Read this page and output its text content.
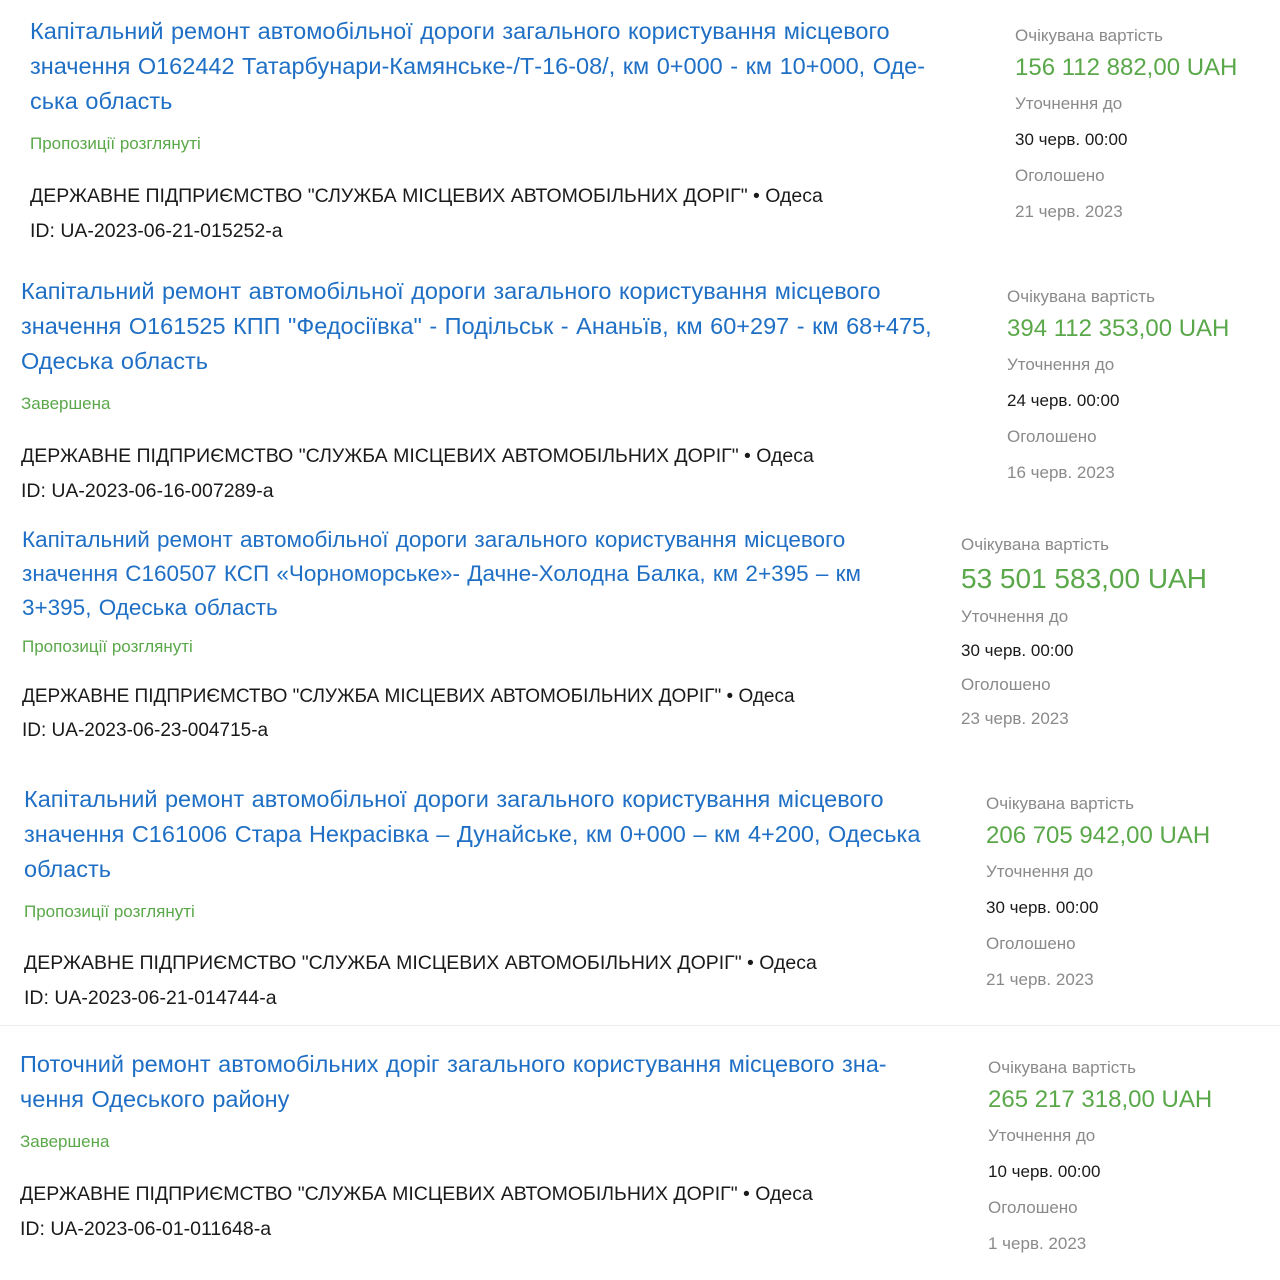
Капітальний ремонт автомобільної дороги загального користування місцевого
значення О162442 Татарбунари-Камянське-/Т-16-08/, км 0+000 - км 10+000, Оде-
ська область
Пропозиції розглянуті
ДЕРЖАВНЕ ПІДПРИЄМСТВО "СЛУЖБА МІСЦЕВИХ АВТОМОБІЛЬНИХ ДОРІГ" • Одеса
ID: UA-2023-06-21-015252-a
Очікувана вартість
156 112 882,00 UAH
Уточнення до
30 черв. 00:00
Оголошено
21 черв. 2023
Капітальний ремонт автомобільної дороги загального користування місцевого
значення О161525 КПП "Федосіївка" - Подільськ - Ананьїв, км 60+297 - км 68+475,
Одеська область
Завершена
ДЕРЖАВНЕ ПІДПРИЄМСТВО "СЛУЖБА МІСЦЕВИХ АВТОМОБІЛЬНИХ ДОРІГ" • Одеса
ID: UA-2023-06-16-007289-a
Очікувана вартість
394 112 353,00 UAH
Уточнення до
24 черв. 00:00
Оголошено
16 черв. 2023
Капітальний ремонт автомобільної дороги загального користування місцевого
значення С160507 КСП «Чорноморське»- Дачне-Холодна Балка, км 2+395 – км
3+395, Одеська область
Пропозиції розглянуті
ДЕРЖАВНЕ ПІДПРИЄМСТВО "СЛУЖБА МІСЦЕВИХ АВТОМОБІЛЬНИХ ДОРІГ" • Одеса
ID: UA-2023-06-23-004715-a
Очікувана вартість
53 501 583,00 UAH
Уточнення до
30 черв. 00:00
Оголошено
23 черв. 2023
Капітальний ремонт автомобільної дороги загального користування місцевого
значення С161006 Стара Некрасівка – Дунайське, км 0+000 – км 4+200, Одеська
область
Пропозиції розглянуті
ДЕРЖАВНЕ ПІДПРИЄМСТВО "СЛУЖБА МІСЦЕВИХ АВТОМОБІЛЬНИХ ДОРІГ" • Одеса
ID: UA-2023-06-21-014744-a
Очікувана вартість
206 705 942,00 UAH
Уточнення до
30 черв. 00:00
Оголошено
21 черв. 2023
Поточний ремонт автомобільних доріг загального користування місцевого зна-
чення Одеського району
Завершена
ДЕРЖАВНЕ ПІДПРИЄМСТВО "СЛУЖБА МІСЦЕВИХ АВТОМОБІЛЬНИХ ДОРІГ" • Одеса
ID: UA-2023-06-01-011648-a
Очікувана вартість
265 217 318,00 UAH
Уточнення до
10 черв. 00:00
Оголошено
1 черв. 2023
